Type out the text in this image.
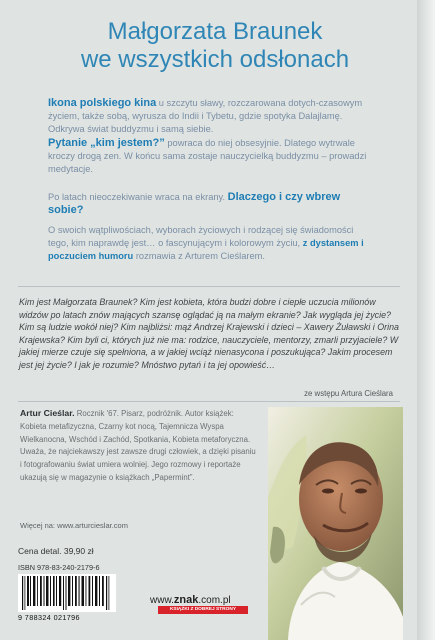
Małgorzata Braunek
we wszystkich odsłonach
Ikona polskiego kina u szczytu sławy, rozczarowana dotych-czasowym życiem, także sobą, wyrusza do Indii i Tybetu, gdzie spotyka Dalajlamę. Odkrywa świat buddyzmu i samą siebie.
Pytanie „kim jestem?” powraca do niej obsesyjnie. Dlatego wytrwale kroczy drogą zen. W końcu sama zostaje nauczycielką buddyzmu – prowadzi medytacje.
Po latach nieoczekiwanie wraca na ekrany. Dlaczego i czy wbrew sobie?
O swoich wątpliwościach, wyborach życiowych i rodzącej się świadomości tego, kim naprawdę jest… o fascynującym i kolorowym życiu, z dystansem i poczuciem humoru rozmawia z Arturem Cieślarem.
Kim jest Małgorzata Braunek? Kim jest kobieta, która budzi dobre i ciepłe uczucia milionów widzów po latach znów mających szansę oglądać ją na małym ekranie? Jak wygląda jej życie? Kim są ludzie wokół niej? Kim najbliżsi: mąż Andrzej Krajewski i dzieci – Xawery Żuławski i Orina Krajewska? Kim byli ci, których już nie ma: rodzice, nauczyciele, mentorzy, zmarli przyjaciele? W jakiej mierze czuje się spełniona, a w jakiej wciąż nienasycona i poszukująca? Jakim procesem jest jej życie? I jak je rozumie? Mnóstwo pytań i ta jej opowieść…
ze wstępu Artura Cieślara
Artur Cieślar. Rocznik '67. Pisarz, podróżnik. Autor książek: Kobieta metafizyczna, Czarny kot nocą, Tajemnicza Wyspa Wielkanocna, Wschód i Zachód, Spotkania, Kobieta metaforyczna. Uważa, że najciekawszy jest zawsze drugi człowiek, a dzięki pisaniu i fotografowaniu świat umiera wolniej. Jego rozmowy i reportaże ukazują się w magazynie o książkach „Papermint”.
Więcej na: www.arturcieslar.com
Cena detal. 39,90 zł
ISBN 978-83-240-2179-6
9 788324 021796
www.znak.com.pl
KSIĄŻKI Z DOBREJ STRONY
